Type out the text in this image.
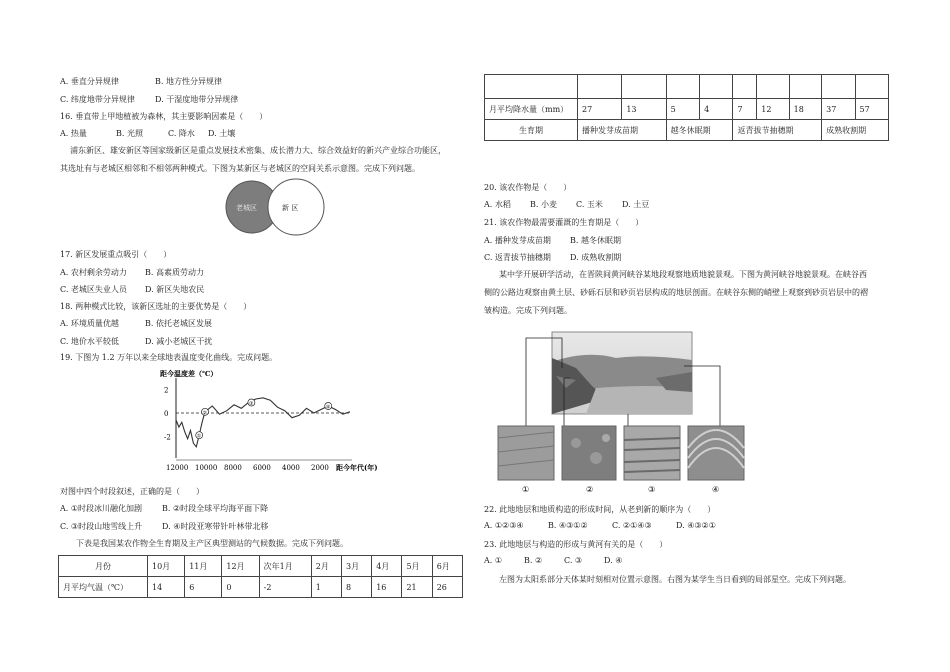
A. 垂直分异规律	B. 地方性分异规律
C. 纬度地带分异规律	D. 干湿度地带分异规律
16. 垂直带上甲地植被为森林，其主要影响因素是（　　）
A. 热量	B. 光照	C. 降水 D. 土壤
浦东新区、雄安新区等国家级新区是重点发展技术密集、成长潜力大、综合效益好的新兴产业综合功能区，
其选址有与老城区相邻和不相邻两种模式。下图为某新区与老城区的空间关系示意图。完成下列问题。
老城区	新 区
17. 新区发展重点吸引（　　）
A. 农村剩余劳动力 B. 高素质劳动力
C. 老城区失业人员 D. 新区失地农民
18. 两种模式比较，该新区选址的主要优势是（　　）
A. 环境质量优越	B. 依托老城区发展
C. 地价水平较低	D. 减小老城区干扰
19. 下图为 1.2 万年以来全球地表温度变化曲线。完成问题。
距今温度差（℃）
距今年代(年)
2
0
-2
12000 10000 8000 6000 4000 2000
①
②
③
④
对图中四个时段叙述，正确的是（　　）
A. ①时段冰川融化加剧 B. ②时段全球平均海平面下降
C. ③时段山地雪线上升 D. ④时段亚寒带针叶林带北移
下表是我国某农作物全生育期及主产区典型测站的气候数据。完成下列问题。
月份	10月	11月	12月	次年1月	2月	3月	4月	5月	6月
月平均气温（℃）	14	6	0	-2	1	8	16	21	26

月平均降水量（mm）	27	13	5	4	7	12	18	37	57
生育期	播种发芽成苗期		越冬休眠期		返青拔节抽穗期			成熟收割期	
20. 该农作物是（　　）
A. 水稻 B. 小麦 C. 玉米 D. 土豆
21. 该农作物最需要灌溉的生育期是（　　）
A. 播种发芽成苗期 B. 越冬休眠期
C. 返青拔节抽穗期 D. 成熟收割期
某中学开展研学活动，在晋陕间黄河峡谷某地段观察地质地貌景观。下图为黄河峡谷地貌景观。在峡谷西
侧的公路边观察由黄土层、砂砾石层和砂页岩层构成的地层剖面。在峡谷东侧的峭壁上观察到砂页岩层中的褶
皱构造。完成下列问题。
①	②	③	④
22. 此地地层和地质构造的形成时间，从老到新的顺序为（　　）
A. ①②③④	B. ④③①②	C. ②①④③	D. ④③②①
23. 此地地层与构造的形成与黄河有关的是（　　）
A. ①	B. ②	C. ③	D. ④
左图为太阳系部分天体某时刻相对位置示意图。右图为某学生当日看到的局部星空。完成下列问题。
